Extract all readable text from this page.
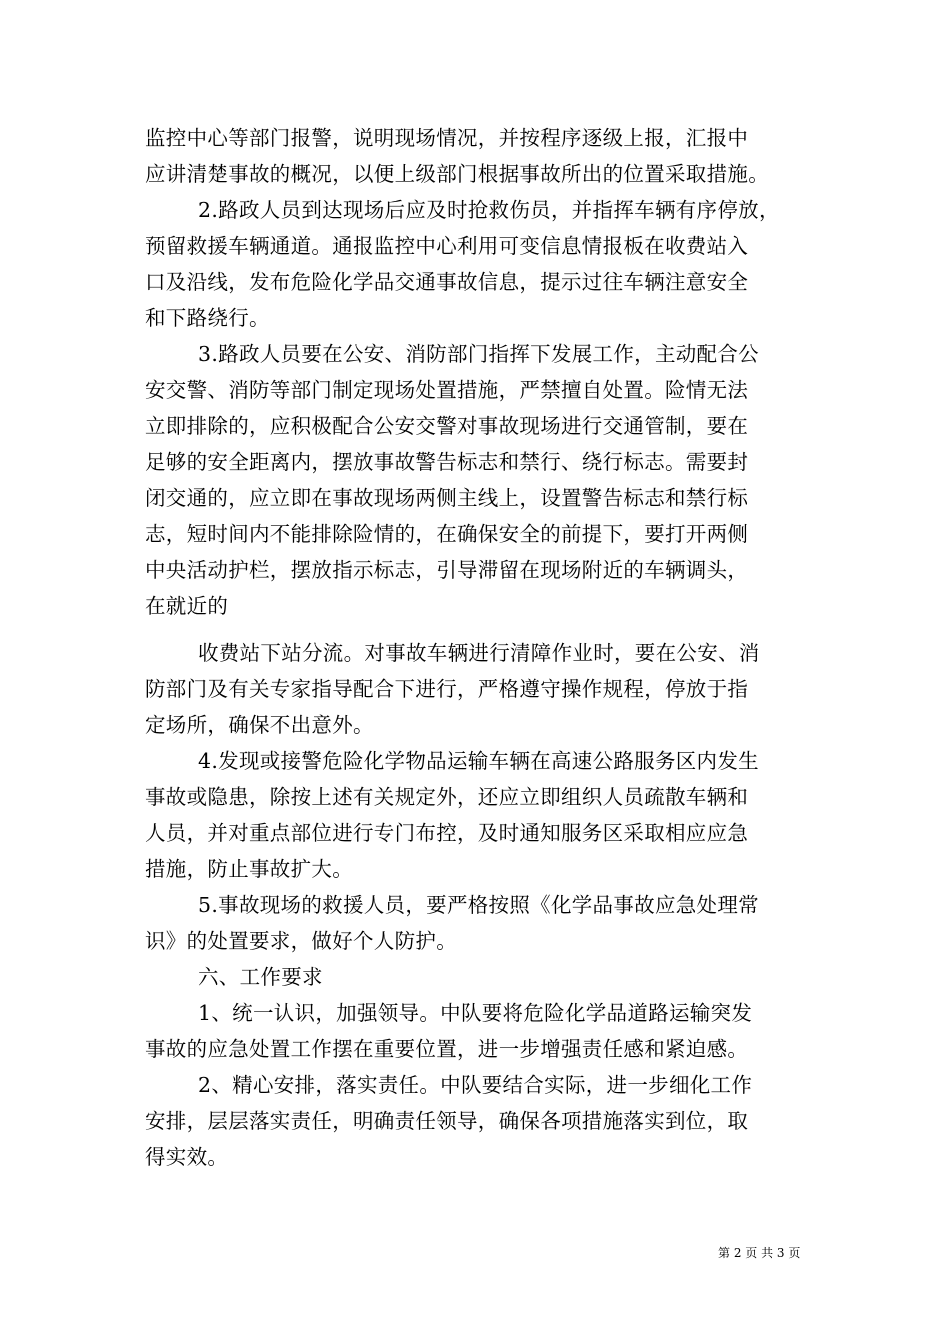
监控中心等部门报警，说明现场情况，并按程序逐级上报，汇报中
应讲清楚事故的概况，以便上级部门根据事故所出的位置采取措施。
2.路政人员到达现场后应及时抢救伤员，并指挥车辆有序停放，
预留救援车辆通道。通报监控中心利用可变信息情报板在收费站入
口及沿线，发布危险化学品交通事故信息，提示过往车辆注意安全
和下路绕行。
3.路政人员要在公安、消防部门指挥下发展工作，主动配合公
安交警、消防等部门制定现场处置措施，严禁擅自处置。险情无法
立即排除的，应积极配合公安交警对事故现场进行交通管制，要在
足够的安全距离内，摆放事故警告标志和禁行、绕行标志。需要封
闭交通的，应立即在事故现场两侧主线上，设置警告标志和禁行标
志，短时间内不能排除险情的，在确保安全的前提下，要打开两侧
中央活动护栏，摆放指示标志，引导滞留在现场附近的车辆调头，
在就近的
收费站下站分流。对事故车辆进行清障作业时，要在公安、消
防部门及有关专家指导配合下进行，严格遵守操作规程，停放于指
定场所，确保不出意外。
4.发现或接警危险化学物品运输车辆在高速公路服务区内发生
事故或隐患，除按上述有关规定外，还应立即组织人员疏散车辆和
人员，并对重点部位进行专门布控，及时通知服务区采取相应应急
措施，防止事故扩大。
5.事故现场的救援人员，要严格按照《化学品事故应急处理常
识》的处置要求，做好个人防护。
六、工作要求
1、统一认识，加强领导。中队要将危险化学品道路运输突发
事故的应急处置工作摆在重要位置，进一步增强责任感和紧迫感。
2、精心安排，落实责任。中队要结合实际，进一步细化工作
安排，层层落实责任，明确责任领导，确保各项措施落实到位，取
得实效。
第 2 页 共 3 页
